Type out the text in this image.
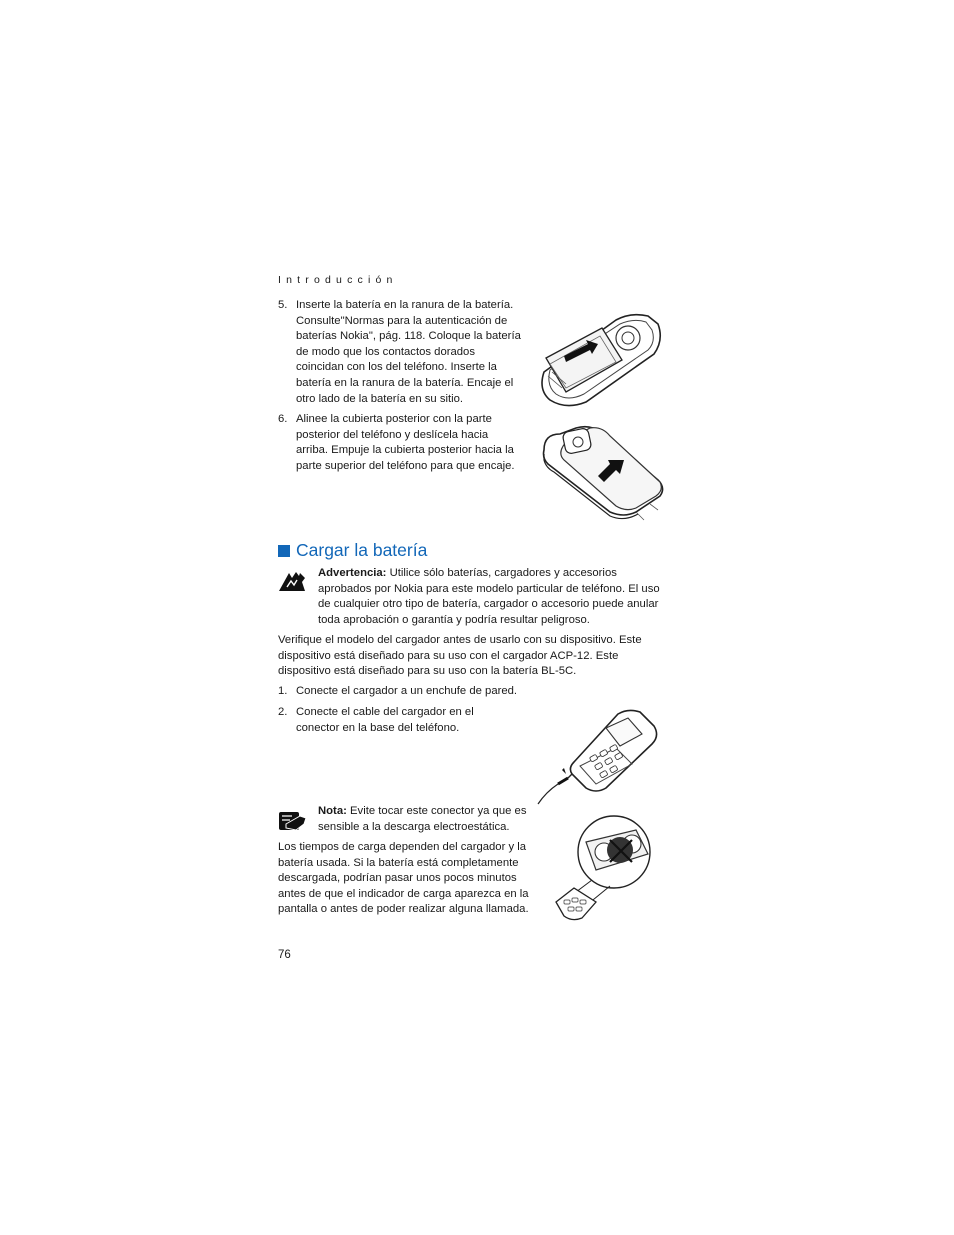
Introducción
5. Inserte la batería en la ranura de la batería. Consulte"Normas para la autenticación de baterías Nokia", pág. 118. Coloque la batería de modo que los contactos dorados coincidan con los del teléfono. Inserte la batería en la ranura de la batería. Encaje el otro lado de la batería en su sitio.
6. Alinee la cubierta posterior con la parte posterior del teléfono y deslícela hacia arriba. Empuje la cubierta posterior hacia la parte superior del teléfono para que encaje.
Cargar la batería
Advertencia: Utilice sólo baterías, cargadores y accesorios aprobados por Nokia para este modelo particular de teléfono. El uso de cualquier otro tipo de batería, cargador o accesorio puede anular toda aprobación o garantía y podría resultar peligroso.
Verifique el modelo del cargador antes de usarlo con su dispositivo. Este dispositivo está diseñado para su uso con el cargador ACP-12. Este dispositivo está diseñado para su uso con la batería BL-5C.
1. Conecte el cargador a un enchufe de pared.
2. Conecte el cable del cargador en el conector en la base del teléfono.
Nota: Evite tocar este conector ya que es sensible a la descarga electroestática.
Los tiempos de carga dependen del cargador y la batería usada. Si la batería está completamente descargada, podrían pasar unos pocos minutos antes de que el indicador de carga aparezca en la pantalla o antes de poder realizar alguna llamada.
76
